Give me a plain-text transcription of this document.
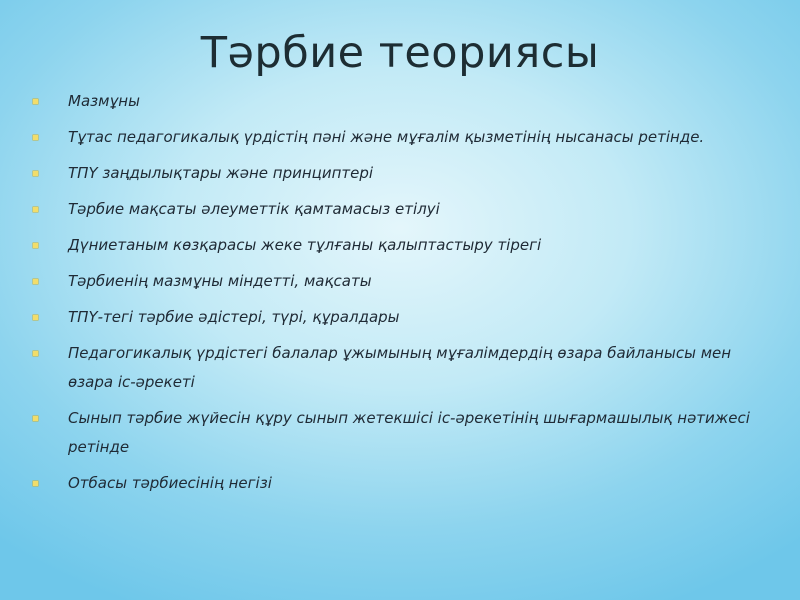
Тәрбие теориясы
Мазмұны
Тұтас педагогикалық үрдістің пәні және мұғалім қызметінің нысанасы ретінде.
ТПҮ заңдылықтары және принциптері
Тәрбие мақсаты әлеуметтік қамтамасыз етілуі
Дүниетаным көзқарасы жеке тұлғаны қалыптастыру тірегі
Тәрбиенің мазмұны міндетті, мақсаты
ТПҮ-тегі тәрбие әдістері, түрі, құралдары
Педагогикалық үрдістегі балалар ұжымының мұғалімдердің өзара байланысы мен өзара іс-әрекеті
Сынып тәрбие жүйесін құру сынып жетекшісі іс-әрекетінің шығармашылық нәтижесі ретінде
Отбасы тәрбиесінің негізі
